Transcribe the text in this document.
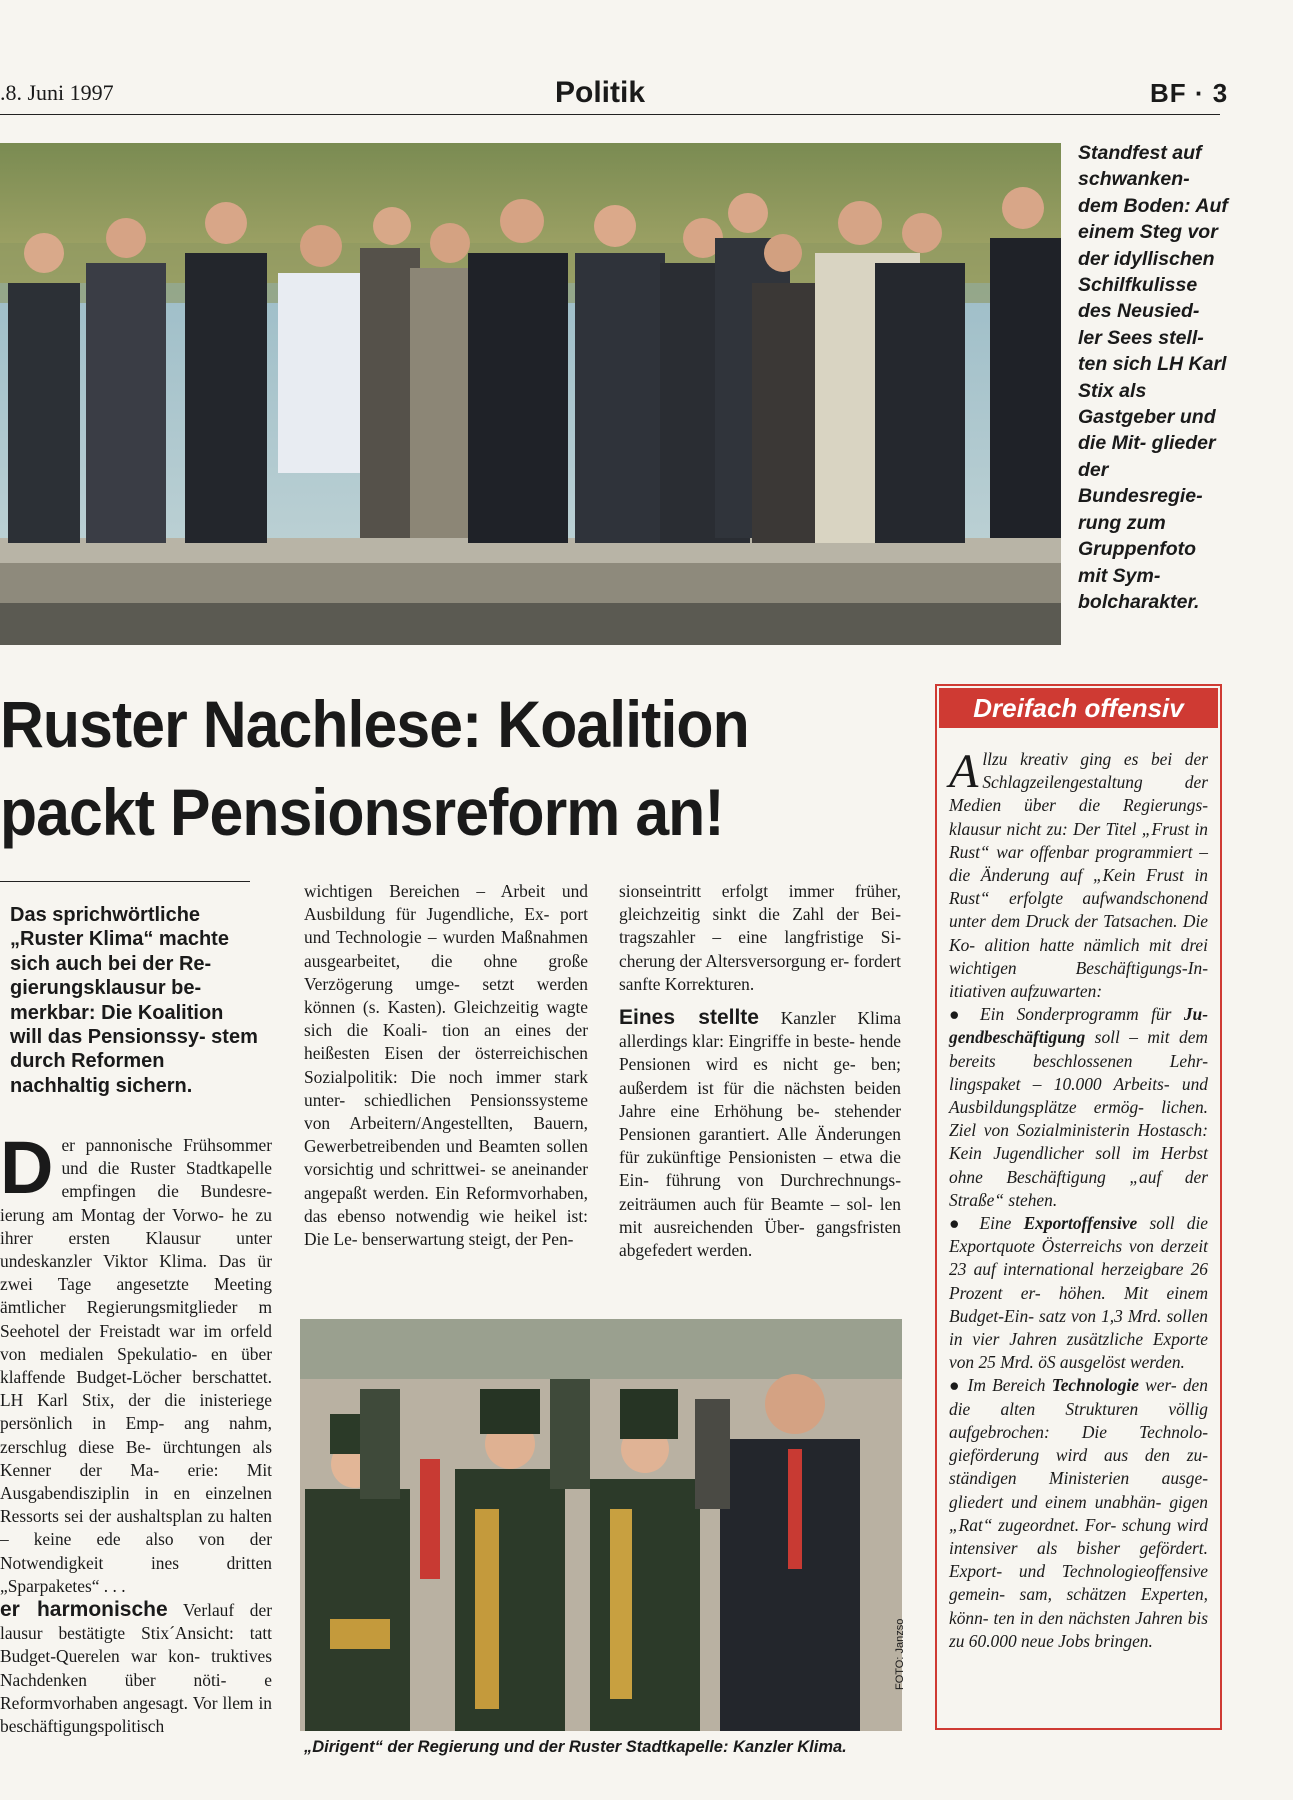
.8. Juni 1997	Politik	BF · 3

Standfest auf schwanken- dem Boden: Auf einem Steg vor der idyllischen Schilfkulisse des Neusied- ler Sees stell- ten sich LH Karl Stix als Gastgeber und die Mit- glieder der Bundesregie- rung zum Gruppenfoto mit Sym- bolcharakter.

Ruster Nachlese: Koalition
packt Pensionsreform an!

Das sprichwörtliche „Ruster Klima“ machte sich auch bei der Re- gierungsklausur be- merkbar: Die Koalition will das Pensionssy- stem durch Reformen nachhaltig sichern.

D er pannonische Frühsommer und die Ruster Stadtkapelle empfingen die Bundesre- ierung am Montag der Vorwo- he zu ihrer ersten Klausur unter undeskanzler Viktor Klima. Das ür zwei Tage angesetzte Meeting ämtlicher Regierungsmitglieder m Seehotel der Freistadt war im orfeld von medialen Spekulatio- en über klaffende Budget-Löcher berschattet. LH Karl Stix, der die inisteriege persönlich in Emp- ang nahm, zerschlug diese Be- ürchtungen als Kenner der Ma- erie: Mit Ausgabendisziplin in en einzelnen Ressorts sei der aushaltsplan zu halten – keine ede also von der Notwendigkeit ines dritten „Sparpaketes“ . . .
er harmonische Verlauf der lausur bestätigte Stix´Ansicht: tatt Budget-Querelen war kon- truktives Nachdenken über nöti- e Reformvorhaben angesagt. Vor llem in beschäftigungspolitisch
wichtigen Bereichen – Arbeit und Ausbildung für Jugendliche, Ex- port und Technologie – wurden Maßnahmen ausgearbeitet, die ohne große Verzögerung umge- setzt werden können (s. Kasten). Gleichzeitig wagte sich die Koali- tion an eines der heißesten Eisen der österreichischen Sozialpolitik: Die noch immer stark unter- schiedlichen Pensionssysteme von Arbeitern/Angestellten, Bauern, Gewerbetreibenden und Beamten sollen vorsichtig und schrittwei- se aneinander angepaßt werden. Ein Reformvorhaben, das ebenso notwendig wie heikel ist: Die Le- benserwartung steigt, der Pen-
sionseintritt erfolgt immer früher, gleichzeitig sinkt die Zahl der Bei- tragszahler – eine langfristige Si- cherung der Altersversorgung er- fordert sanfte Korrekturen.

Eines stellte Kanzler Klima allerdings klar: Eingriffe in beste- hende Pensionen wird es nicht ge- ben; außerdem ist für die nächsten beiden Jahre eine Erhöhung be- stehender Pensionen garantiert. Alle Änderungen für zukünftige Pensionisten – etwa die Ein- führung von Durchrechnungs- zeiträumen auch für Beamte – sol- len mit ausreichenden Über- gangsfristen abgefedert werden.
FOTO: Janzso
„Dirigent“ der Regierung und der Ruster Stadtkapelle: Kanzler Klima.
Dreifach offensiv

Allzu kreativ ging es bei der Schlagzeilengestaltung der Medien über die Regierungs- klausur nicht zu: Der Titel „Frust in Rust“ war offenbar programmiert – die Änderung auf „Kein Frust in Rust“ erfolgte aufwandschonend unter dem Druck der Tatsachen. Die Ko- alition hatte nämlich mit drei wichtigen Beschäftigungs-In- itiativen aufzuwarten:

● Ein Sonderprogramm für Ju- gendbeschäftigung soll – mit dem bereits beschlossenen Lehr- lingspaket – 10.000 Arbeits- und Ausbildungsplätze ermög- lichen. Ziel von Sozialministerin Hostasch: Kein Jugendlicher soll im Herbst ohne Beschäftigung „auf der Straße“ stehen.

● Eine Exportoffensive soll die Exportquote Österreichs von derzeit 23 auf international herzeigbare 26 Prozent er- höhen. Mit einem Budget-Ein- satz von 1,3 Mrd. sollen in vier Jahren zusätzliche Exporte von 25 Mrd. öS ausgelöst werden.

● Im Bereich Technologie wer- den die alten Strukturen völlig aufgebrochen: Die Technolo- gieförderung wird aus den zu- ständigen Ministerien ausge- gliedert und einem unabhän- gigen „Rat“ zugeordnet. For- schung wird intensiver als bisher gefördert. Export- und Technologieoffensive gemein- sam, schätzen Experten, könn- ten in den nächsten Jahren bis zu 60.000 neue Jobs bringen.
